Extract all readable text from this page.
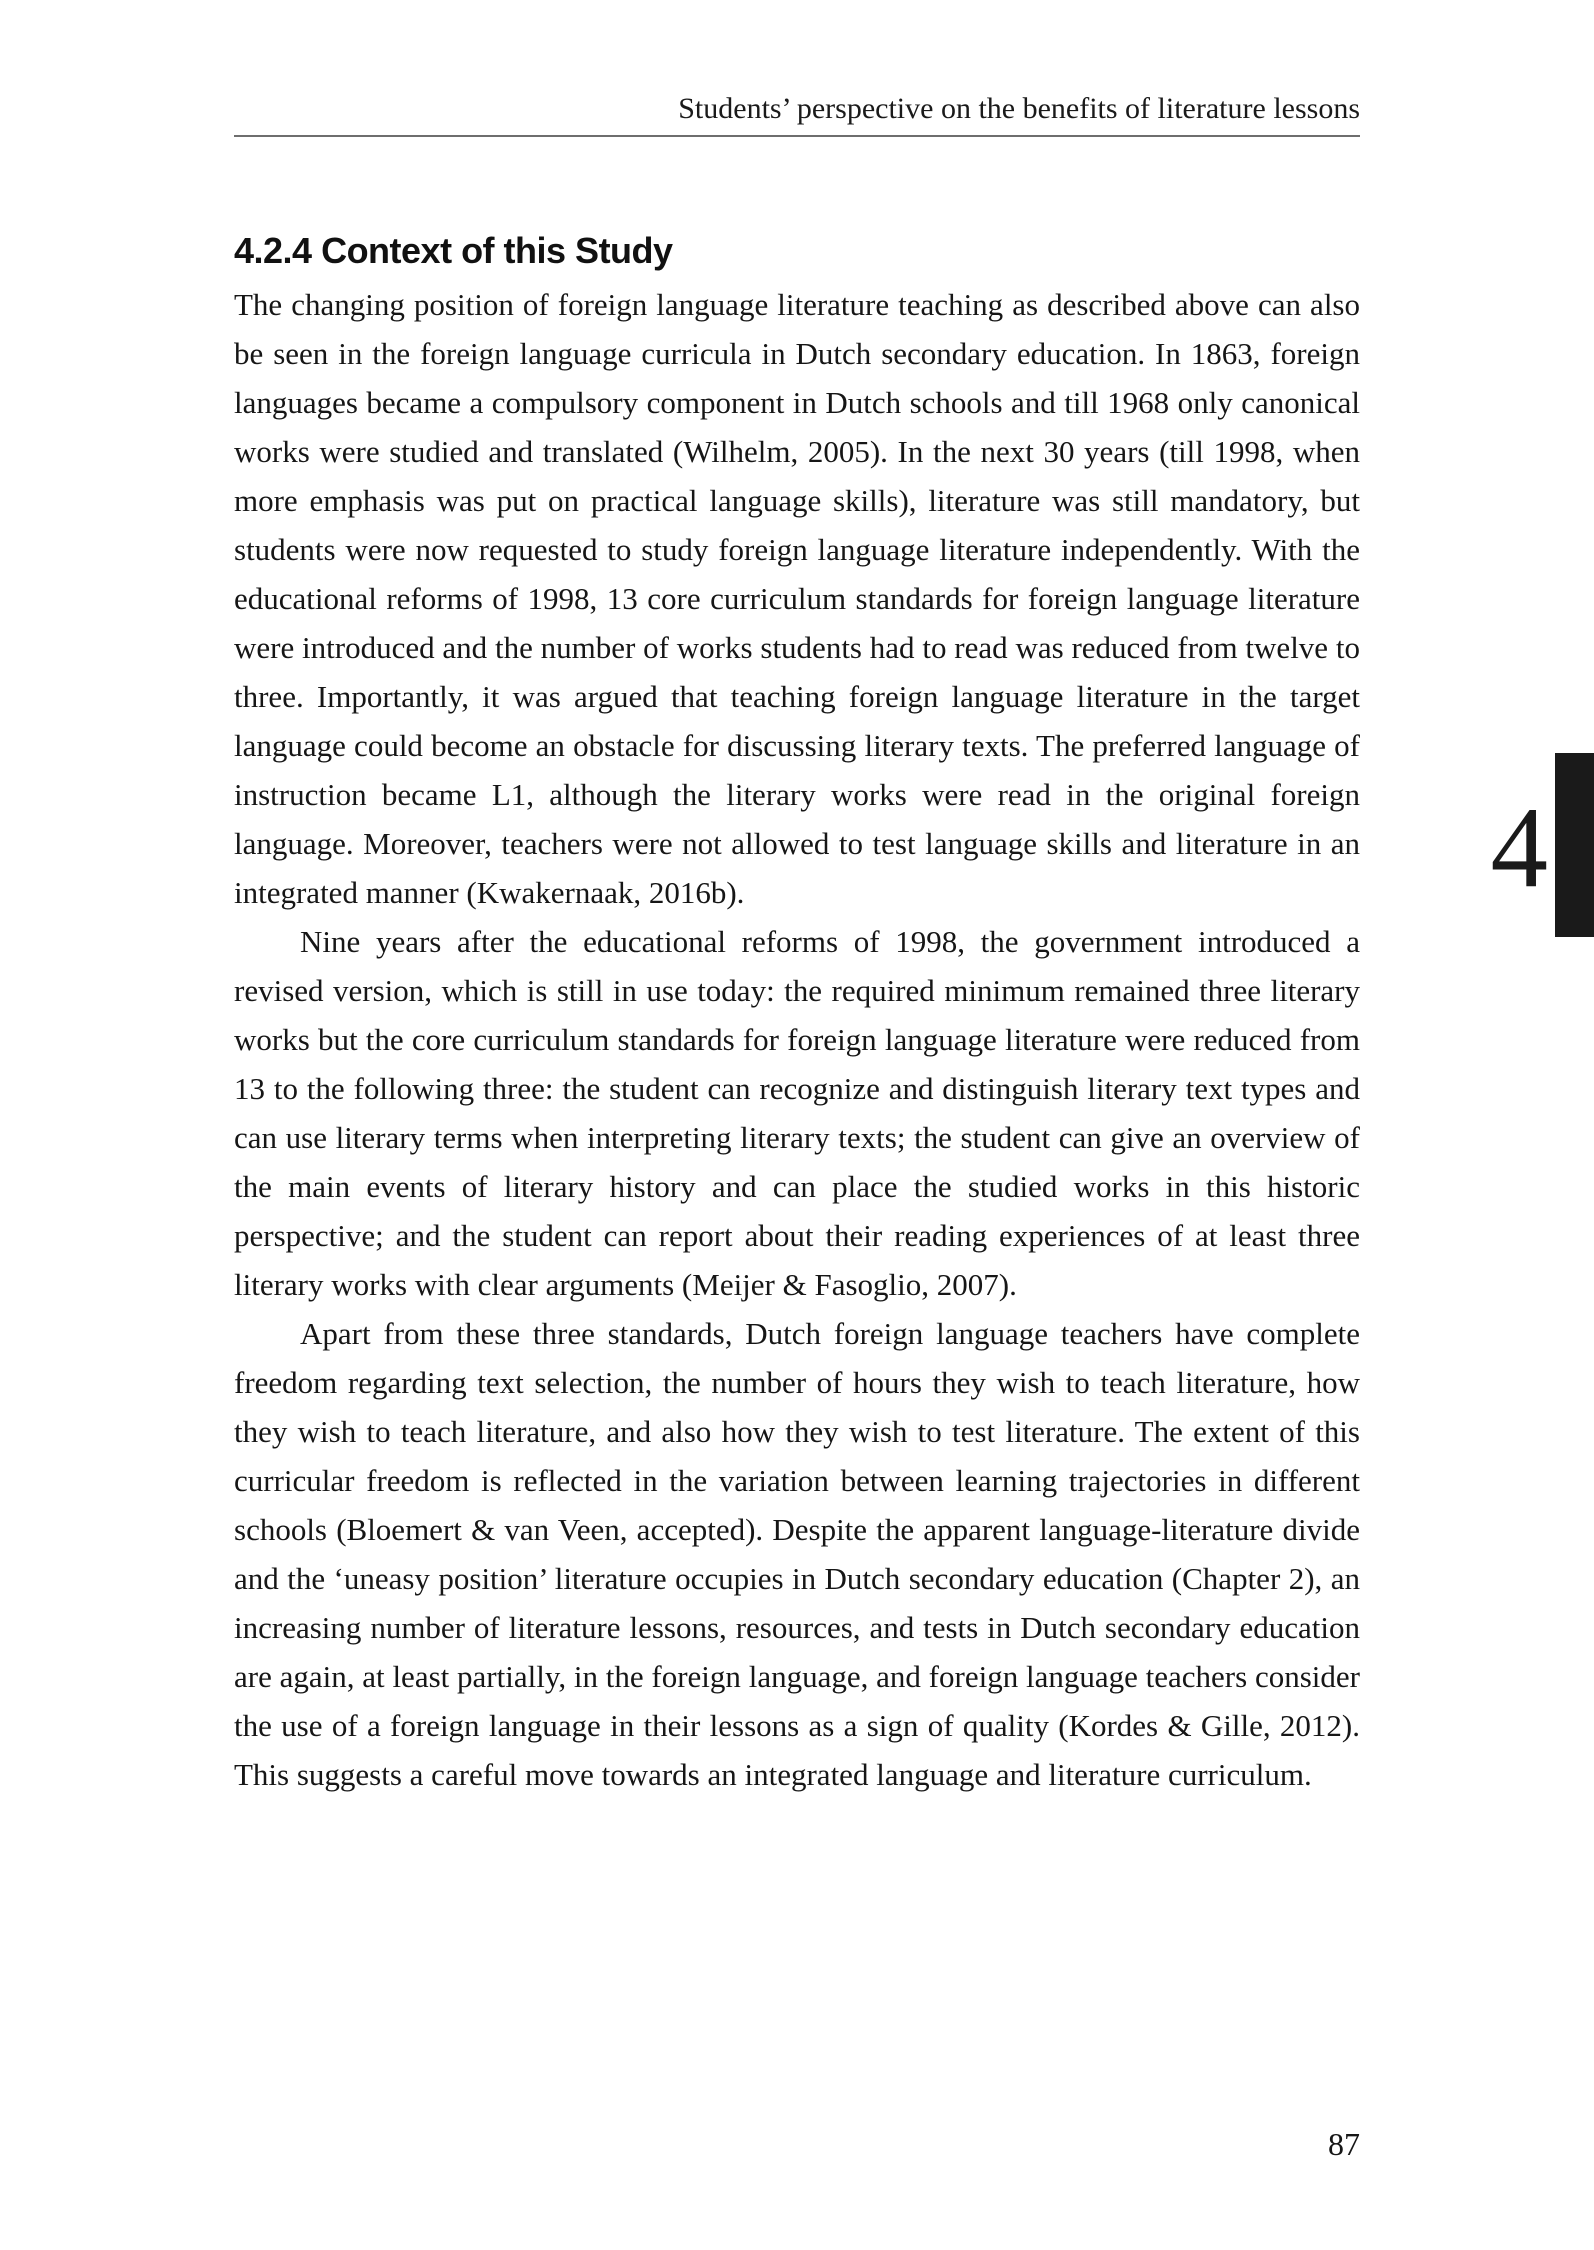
Students’ perspective on the benefits of literature lessons
4.2.4 Context of this Study

The changing position of foreign language literature teaching as described above can also be seen in the foreign language curricula in Dutch secondary education. In 1863, foreign languages became a compulsory component in Dutch schools and till 1968 only canonical works were studied and translated (Wilhelm, 2005). In the next 30 years (till 1998, when more emphasis was put on practical language skills), literature was still mandatory, but students were now requested to study foreign language literature independently. With the educational reforms of 1998, 13 core curriculum standards for foreign language literature were introduced and the number of works students had to read was reduced from twelve to three. Importantly, it was argued that teaching foreign language literature in the target language could become an obstacle for discussing literary texts. The preferred language of instruction became L1, although the literary works were read in the original foreign language. Moreover, teachers were not allowed to test language skills and literature in an integrated manner (Kwakernaak, 2016b).

Nine years after the educational reforms of 1998, the government introduced a revised version, which is still in use today: the required minimum remained three literary works but the core curriculum standards for foreign language literature were reduced from 13 to the following three: the student can recognize and distinguish literary text types and can use literary terms when interpreting literary texts; the student can give an overview of the main events of literary history and can place the studied works in this historic perspective; and the student can report about their reading experiences of at least three literary works with clear arguments (Meijer & Fasoglio, 2007).

Apart from these three standards, Dutch foreign language teachers have complete freedom regarding text selection, the number of hours they wish to teach literature, how they wish to teach literature, and also how they wish to test literature. The extent of this curricular freedom is reflected in the variation between learning trajectories in different schools (Bloemert & van Veen, accepted). Despite the apparent language-literature divide and the ‘uneasy position’ literature occupies in Dutch secondary education (Chapter 2), an increasing number of literature lessons, resources, and tests in Dutch secondary education are again, at least partially, in the foreign language, and foreign language teachers consider the use of a foreign language in their lessons as a sign of quality (Kordes & Gille, 2012). This suggests a careful move towards an integrated language and literature curriculum.

4
87
